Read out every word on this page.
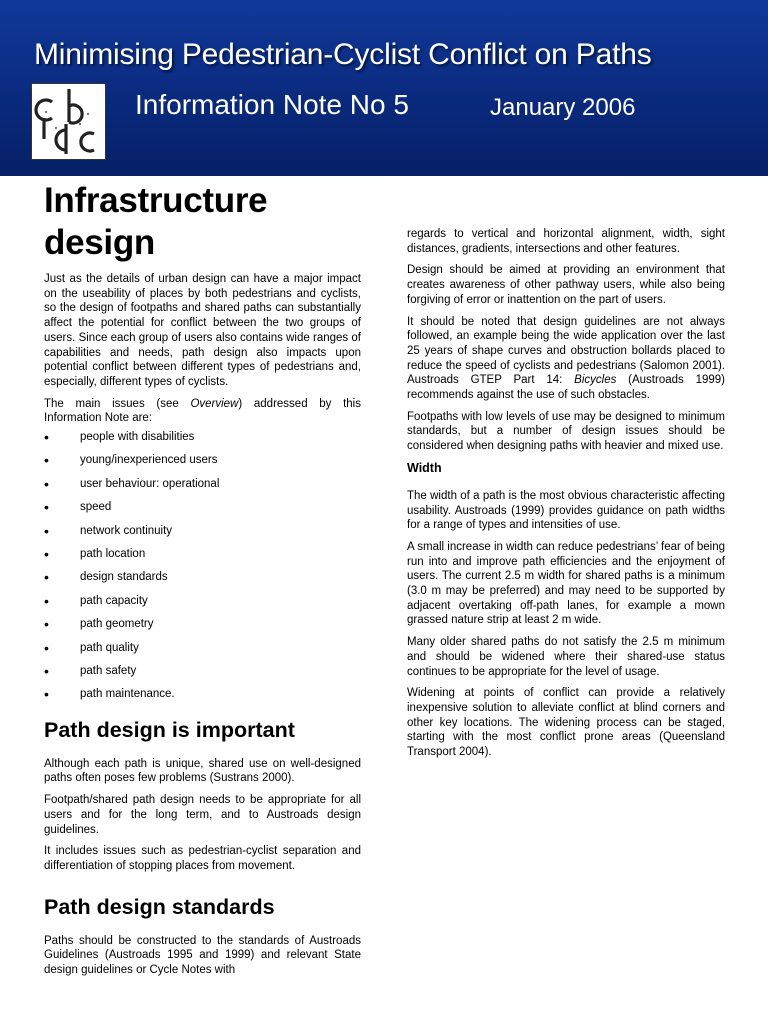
Minimising Pedestrian-Cyclist Conflict on Paths
Information Note No 5	January 2006
Infrastructure design

Just as the details of urban design can have a major impact on the useability of places by both pedestrians and cyclists, so the design of footpaths and shared paths can substantially affect the potential for conflict between the two groups of users. Since each group of users also contains wide ranges of capabilities and needs, path design also impacts upon potential conflict between different types of pedestrians and, especially, different types of cyclists.

The main issues (see Overview) addressed by this Information Note are:

• people with disabilities
• young/inexperienced users
• user behaviour: operational
• speed
• network continuity
• path location
• design standards
• path capacity
• path geometry
• path quality
• path safety
• path maintenance.
Path design is important

Although each path is unique, shared use on well-designed paths often poses few problems (Sustrans 2000).

Footpath/shared path design needs to be appropriate for all users and for the long term, and to Austroads design guidelines.

It includes issues such as pedestrian-cyclist separation and differentiation of stopping places from movement.

Path design standards

Paths should be constructed to the standards of Austroads Guidelines (Austroads 1995 and 1999) and relevant State design guidelines or Cycle Notes with

regards to vertical and horizontal alignment, width, sight distances, gradients, intersections and other features.

Design should be aimed at providing an environment that creates awareness of other pathway users, while also being forgiving of error or inattention on the part of users.

It should be noted that design guidelines are not always followed, an example being the wide application over the last 25 years of shape curves and obstruction bollards placed to reduce the speed of cyclists and pedestrians (Salomon 2001). Austroads GTEP Part 14: Bicycles (Austroads 1999) recommends against the use of such obstacles.

Footpaths with low levels of use may be designed to minimum standards, but a number of design issues should be considered when designing paths with heavier and mixed use.

Width

The width of a path is the most obvious characteristic affecting usability. Austroads (1999) provides guidance on path widths for a range of types and intensities of use.

A small increase in width can reduce pedestrians’ fear of being run into and improve path efficiencies and the enjoyment of users. The current 2.5 m width for shared paths is a minimum (3.0 m may be preferred) and may need to be supported by adjacent overtaking off-path lanes, for example a mown grassed nature strip at least 2 m wide.

Many older shared paths do not satisfy the 2.5 m minimum and should be widened where their shared-use status continues to be appropriate for the level of usage.

Widening at points of conflict can provide a relatively inexpensive solution to alleviate conflict at blind corners and other key locations. The widening process can be staged, starting with the most conflict prone areas (Queensland Transport 2004).
